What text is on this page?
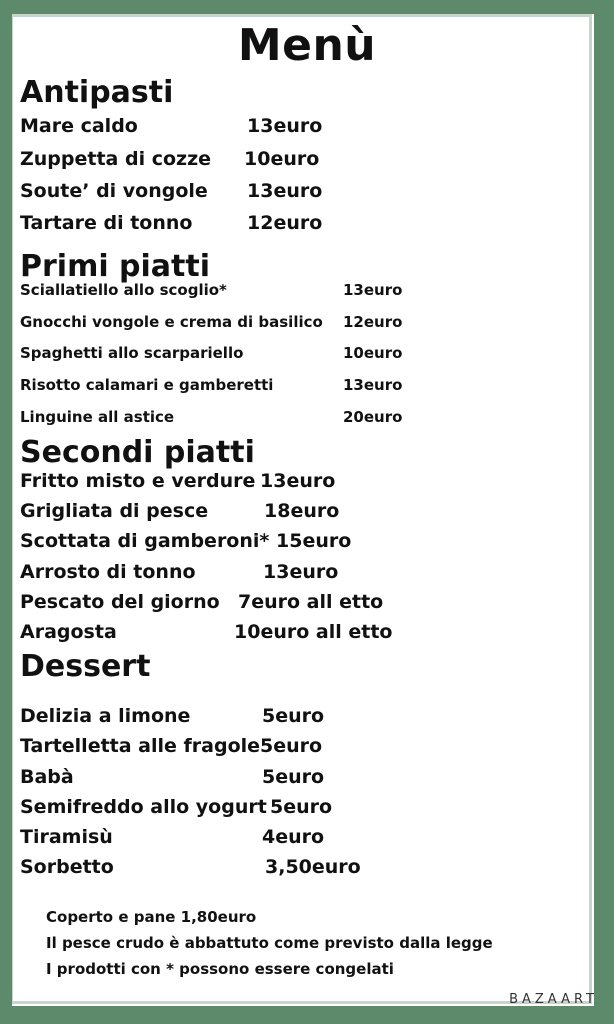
Menù
Antipasti
Mare caldo	13euro
Zuppetta di cozze 10euro
Soute’ di vongole 13euro
Tartare di tonno	12euro
Primi piatti
Sciallatiello allo scoglio*	13euro
Gnocchi vongole e crema di basilico 12euro
Spaghetti allo scarpariello	10euro
Risotto calamari e gamberetti	13euro
Linguine all astice	20euro
Secondi piatti
Fritto misto e verdure 13euro
Grigliata di pesce	18euro
Scottata di gamberoni* 15euro
Arrosto di tonno	13euro
Pescato del giorno 7euro all etto
Aragosta	10euro all etto
Dessert
Delizia a limone	5euro
Tartelletta alle fragole 5euro
Babà	5euro
Semifreddo allo yogurt 5euro
Tiramisù	4euro
Sorbetto	3,50euro
Coperto e pane 1,80euro
Il pesce crudo è abbattuto come previsto dalla legge
I prodotti con * possono essere congelati
BAZAART
